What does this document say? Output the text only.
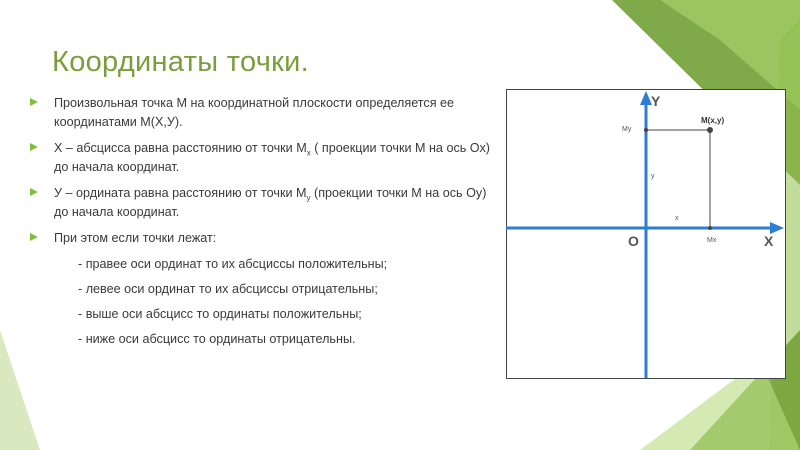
Координаты точки.
Произвольная точка М на координатной плоскости определяется ее координатами М(Х,У).
Х – абсцисса равна расстоянию от точки $М_х$ ( проекции точки М на ось Ох) до начала координат.
У – ордината равна расстоянию от точки $М_у$ (проекции точки М на ось Оу) до начала координат.
При этом если точки лежат:
- правее оси ординат то их абсциссы положительны;
- левее оси ординат то их абсциссы отрицательны;
- выше оси абсцисс то ординаты положительны;
- ниже оси абсцисс то ординаты отрицательны.
Y
X
O
M(x,y)
My
Mx
y
x
